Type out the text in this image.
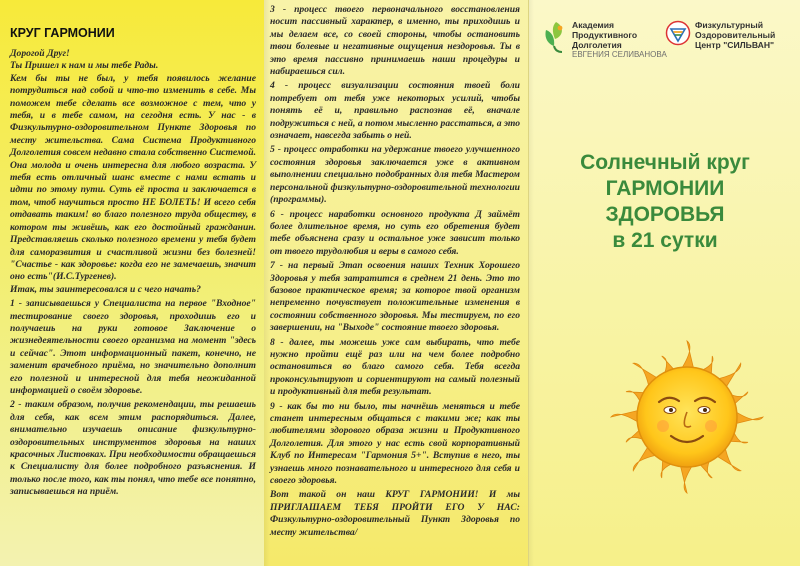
КРУГ ГАРМОНИИ

Дорогой Друг!

Ты Пришел к нам и мы тебе Рады.

Кем бы ты не был, у тебя появилось желание потрудиться над собой и что-то изменить в себе. Мы поможем тебе сделать все возможное с тем, что у тебя, и в тебе самом, на сегодня есть. У нас - в Физкультурно-оздоровительном Пункте Здоровья по месту жительства. Сама Система Продуктивного Долголетия совсем недавно стала собственно Системой. Она молода и очень интересна для любого возраста. У тебя есть отличный шанс вместе с нами встать и идти по этому пути. Суть её проста и заключается в том, чтоб научиться просто НЕ БОЛЕТЬ! И всего себя отдавать таким! во благо полезного труда обществу, в котором ты живёшь, как его достойный гражданин. Представляешь сколько полезного времени у тебя будет для саморазвития и счастливой жизни без болезней! "Счастье - как здоровье: когда его не замечаешь, значит оно есть"(И.С.Тургенев).

Итак, ты заинтересовался и с чего начать?

1 - записываешься у Специалиста на первое "Входное" тестирование своего здоровья, проходишь его и получаешь на руки готовое Заключение о жизнедеятельности своего организма на момент "здесь и сейчас". Этот информационный пакет, конечно, не заменит врачебного приёма, но значительно дополнит его полезной и интересной для тебя неожиданной информацией о своём здоровье.

2 - таким образом, получив рекомендации, ты решаешь для себя, как всем этим распорядиться. Далее, внимательно изучаешь описание физкультурно-оздоровительных инструментов здоровья на наших красочных Листовках. При необходимости обращаешься к Специалисту для более подробного разъяснения. И только после того, как ты понял, что тебе все понятно, записываешься на приём.

3 - процесс твоего первоначального восстановления носит пассивный характер, в именно, ты приходишь и мы делаем все, со своей стороны, чтобы остановить твои болевые и негативные ощущения нездоровья. Ты в это время пассивно принимаешь наши процедуры и набираешься сил.

4 - процесс визуализации состояния твоей боли потребует от тебя уже некоторых усилий, чтобы понять её и, правильно распознав её, вначале подружиться с ней, а потом мысленно расстаться, а это означает, навсегда забыть о ней.

5 - процесс отработки на удержание твоего улучшенного состояния здоровья заключается уже в активном выполнении специально подобранных для тебя Мастером персональной физкультурно-оздоровительной технологии (программы).

6 - процесс наработки основного продукта Д займёт более длительное время, но суть его обретения будет тебе объяснена сразу и остальное уже зависит только от твоего трудолюбия и веры в самого себя.

7 - на первый Этап освоения наших Техник Хорошего Здоровья у тебя затратится в среднем 21 день. Это то базовое практическое время; за которое твой организм непременно почувствует положительные изменения в состоянии собственного здоровья. Мы тестируем, по его завершении, на "Выходе" состояние твоего здоровья.

8 - далее, ты можешь уже сам выбирать, что тебе нужно пройти ещё раз или на чем более подробно остановиться во благо самого себя. Тебя всегда проконсультируют и сориентируют на самый полезный и продуктивный для тебя результат.

9 - как бы то ни было, ты начнёшь меняться и тебе станет интересным общаться с такими же; как ты любителями здорового образа жизни и Продуктивного Долголетия. Для этого у нас есть свой корпоративный Клуб по Интересам "Гармония 5+". Вступив в него, ты узнаешь много познавательного и интересного для себя и своего здоровья.

Вот такой он наш КРУГ ГАРМОНИИ! И мы ПРИГЛАШАЕМ ТЕБЯ ПРОЙТИ ЕГО У НАС: Физкультурно-оздоровительный Пункт Здоровья по месту жительства/

Академия
Продуктивного
Долголетия
ЕВГЕНИЯ СЕЛИВАНОВА
Физкультурный
Оздоровительный
Центр "СИЛЬВАН"
Солнечный круг
ГАРМОНИИ
ЗДОРОВЬЯ
в 21 сутки
